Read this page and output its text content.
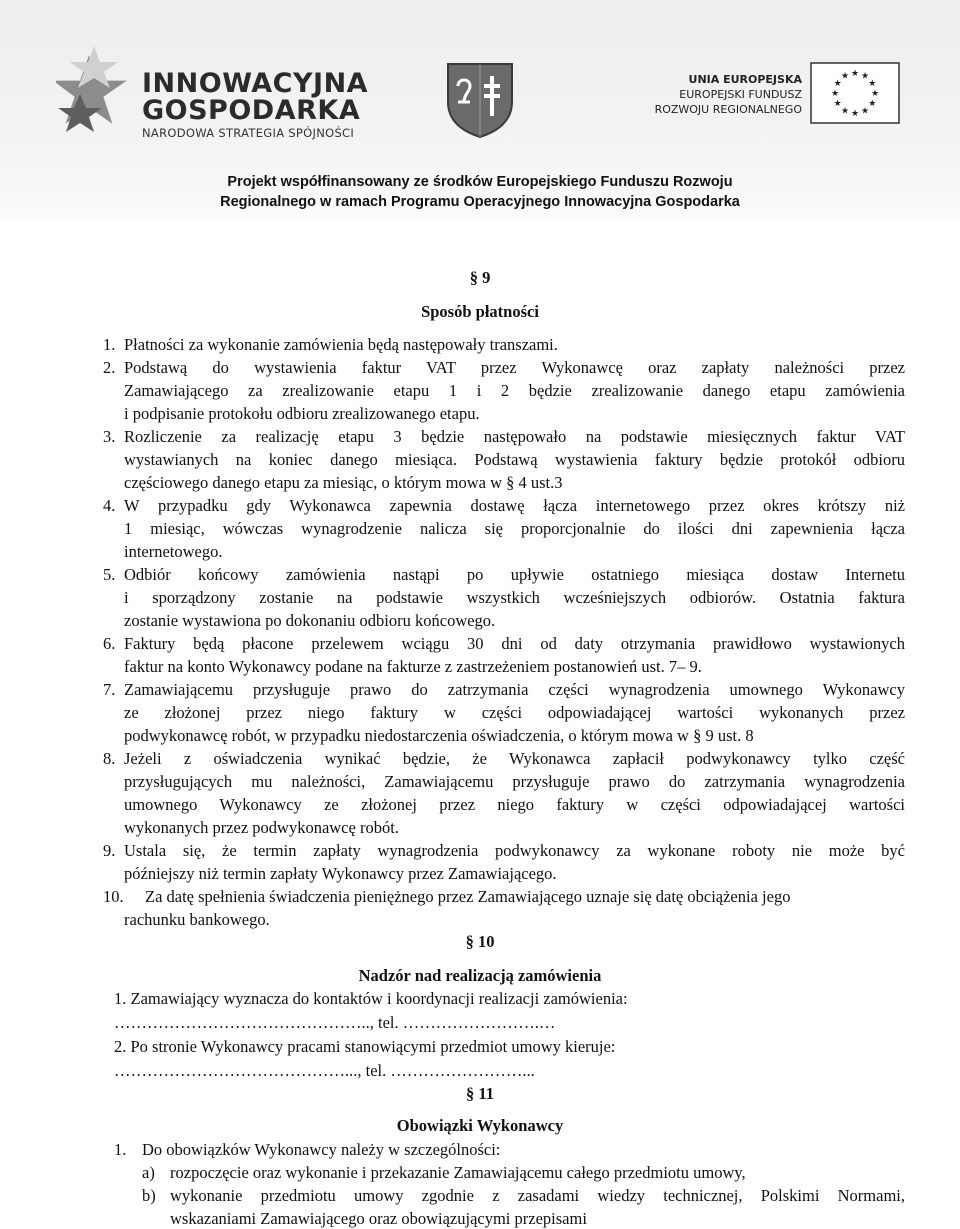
INNOWACYJNA
GOSPODARKA
NARODOWA STRATEGIA SPÓJNOŚCI
UNIA EUROPEJSKA
EUROPEJSKI FUNDUSZ
ROZWOJU REGIONALNEGO
★ ★
★
★
★
★
★
★
★
★
★
★
Projekt współfinansowany ze środków Europejskiego Funduszu Rozwoju
Regionalnego w ramach Programu Operacyjnego Innowacyjna Gospodarka
§ 9
Sposób płatności
1. Płatności za wykonanie zamówienia będą następowały transzami.
2. Podstawą do wystawienia faktur VAT przez Wykonawcę oraz zapłaty należności przez
Zamawiającego za zrealizowanie etapu 1 i 2 będzie zrealizowanie danego etapu zamówienia
i podpisanie protokołu odbioru zrealizowanego etapu.
3. Rozliczenie za realizację etapu 3 będzie następowało na podstawie miesięcznych faktur VAT
wystawianych na koniec danego miesiąca. Podstawą wystawienia faktury będzie protokół odbioru
częściowego danego etapu za miesiąc, o którym mowa w § 4 ust.3
4. W przypadku gdy Wykonawca zapewnia dostawę łącza internetowego przez okres krótszy niż
1 miesiąc, wówczas wynagrodzenie nalicza się proporcjonalnie do ilości dni zapewnienia łącza
internetowego.
5. Odbiór końcowy zamówienia nastąpi po upływie ostatniego miesiąca dostaw Internetu
i sporządzony zostanie na podstawie wszystkich wcześniejszych odbiorów. Ostatnia faktura
zostanie wystawiona po dokonaniu odbioru końcowego.
6. Faktury będą płacone przelewem wciągu 30 dni od daty otrzymania prawidłowo wystawionych
faktur na konto Wykonawcy podane na fakturze z zastrzeżeniem postanowień ust. 7– 9.
7. Zamawiającemu przysługuje prawo do zatrzymania części wynagrodzenia umownego Wykonawcy
ze złożonej przez niego faktury w części odpowiadającej wartości wykonanych przez
podwykonawcę robót, w przypadku niedostarczenia oświadczenia, o którym mowa w § 9 ust. 8
8. Jeżeli z oświadczenia wynikać będzie, że Wykonawca zapłacił podwykonawcy tylko część
przysługujących mu należności, Zamawiającemu przysługuje prawo do zatrzymania wynagrodzenia
umownego Wykonawcy ze złożonej przez niego faktury w części odpowiadającej wartości
wykonanych przez podwykonawcę robót.
9. Ustala się, że termin zapłaty wynagrodzenia podwykonawcy za wykonane roboty nie może być
późniejszy niż termin zapłaty Wykonawcy przez Zamawiającego.
10. Za datę spełnienia świadczenia pieniężnego przez Zamawiającego uznaje się datę obciążenia jego
rachunku bankowego.
§ 10
Nadzór nad realizacją zamówienia
1. Zamawiający wyznacza do kontaktów i koordynacji realizacji zamówienia:
……………………………………….., tel. …………………….…
2. Po stronie Wykonawcy pracami stanowiącymi przedmiot umowy kieruje:
……………………………………..., tel. ……………………...
§ 11
Obowiązki Wykonawcy
1. Do obowiązków Wykonawcy należy w szczególności:
a) rozpoczęcie oraz wykonanie i przekazanie Zamawiającemu całego przedmiotu umowy,
b) wykonanie przedmiotu umowy zgodnie z zasadami wiedzy technicznej, Polskimi Normami,
wskazaniami Zamawiającego oraz obowiązującymi przepisami
